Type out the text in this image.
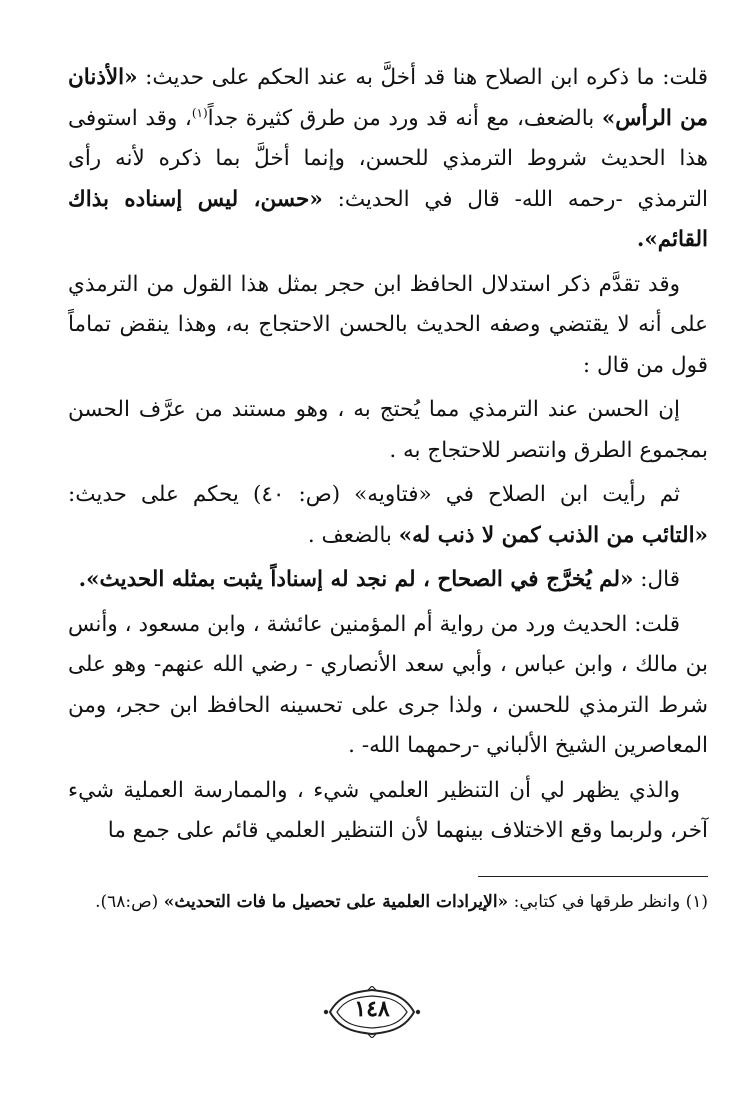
قلت: ما ذكره ابن الصلاح هنا قد أخلَّ به عند الحكم على حديث: «الأذنان من الرأس» بالضعف، مع أنه قد ورد من طرق كثيرة جداً$^{(١)}$، وقد استوفى هذا الحديث شروط الترمذي للحسن، وإنما أخلَّ بما ذكره لأنه رأى الترمذي -رحمه الله- قال في الحديث: «حسن، ليس إسناده بذاك القائم».

وقد تقدَّم ذكر استدلال الحافظ ابن حجر بمثل هذا القول من الترمذي على أنه لا يقتضي وصفه الحديث بالحسن الاحتجاج به، وهذا ينقض تماماً قول من قال :

إن الحسن عند الترمذي مما يُحتج به ، وهو مستند من عرَّف الحسن بمجموع الطرق وانتصر للاحتجاج به .

ثم رأيت ابن الصلاح في «فتاويه» (ص: ٤٠) يحكم على حديث: «التائب من الذنب كمن لا ذنب له» بالضعف .

قال: «لم يُخرَّج في الصحاح ، لم نجد له إسناداً يثبت بمثله الحديث».

قلت: الحديث ورد من رواية أم المؤمنين عائشة ، وابن مسعود ، وأنس بن مالك ، وابن عباس ، وأبي سعد الأنصاري - رضي الله عنهم- وهو على شرط الترمذي للحسن ، ولذا جرى على تحسينه الحافظ ابن حجر، ومن المعاصرين الشيخ الألباني -رحمهما الله- .

والذي يظهر لي أن التنظير العلمي شيء ، والممارسة العملية شيء آخر، ولربما وقع الاختلاف بينهما لأن التنظير العلمي قائم على جمع ما

(١) وانظر طرقها في كتابي: «الإيرادات العلمية على تحصيل ما فات التحديث» (ص:٦٨).
١٤٨
